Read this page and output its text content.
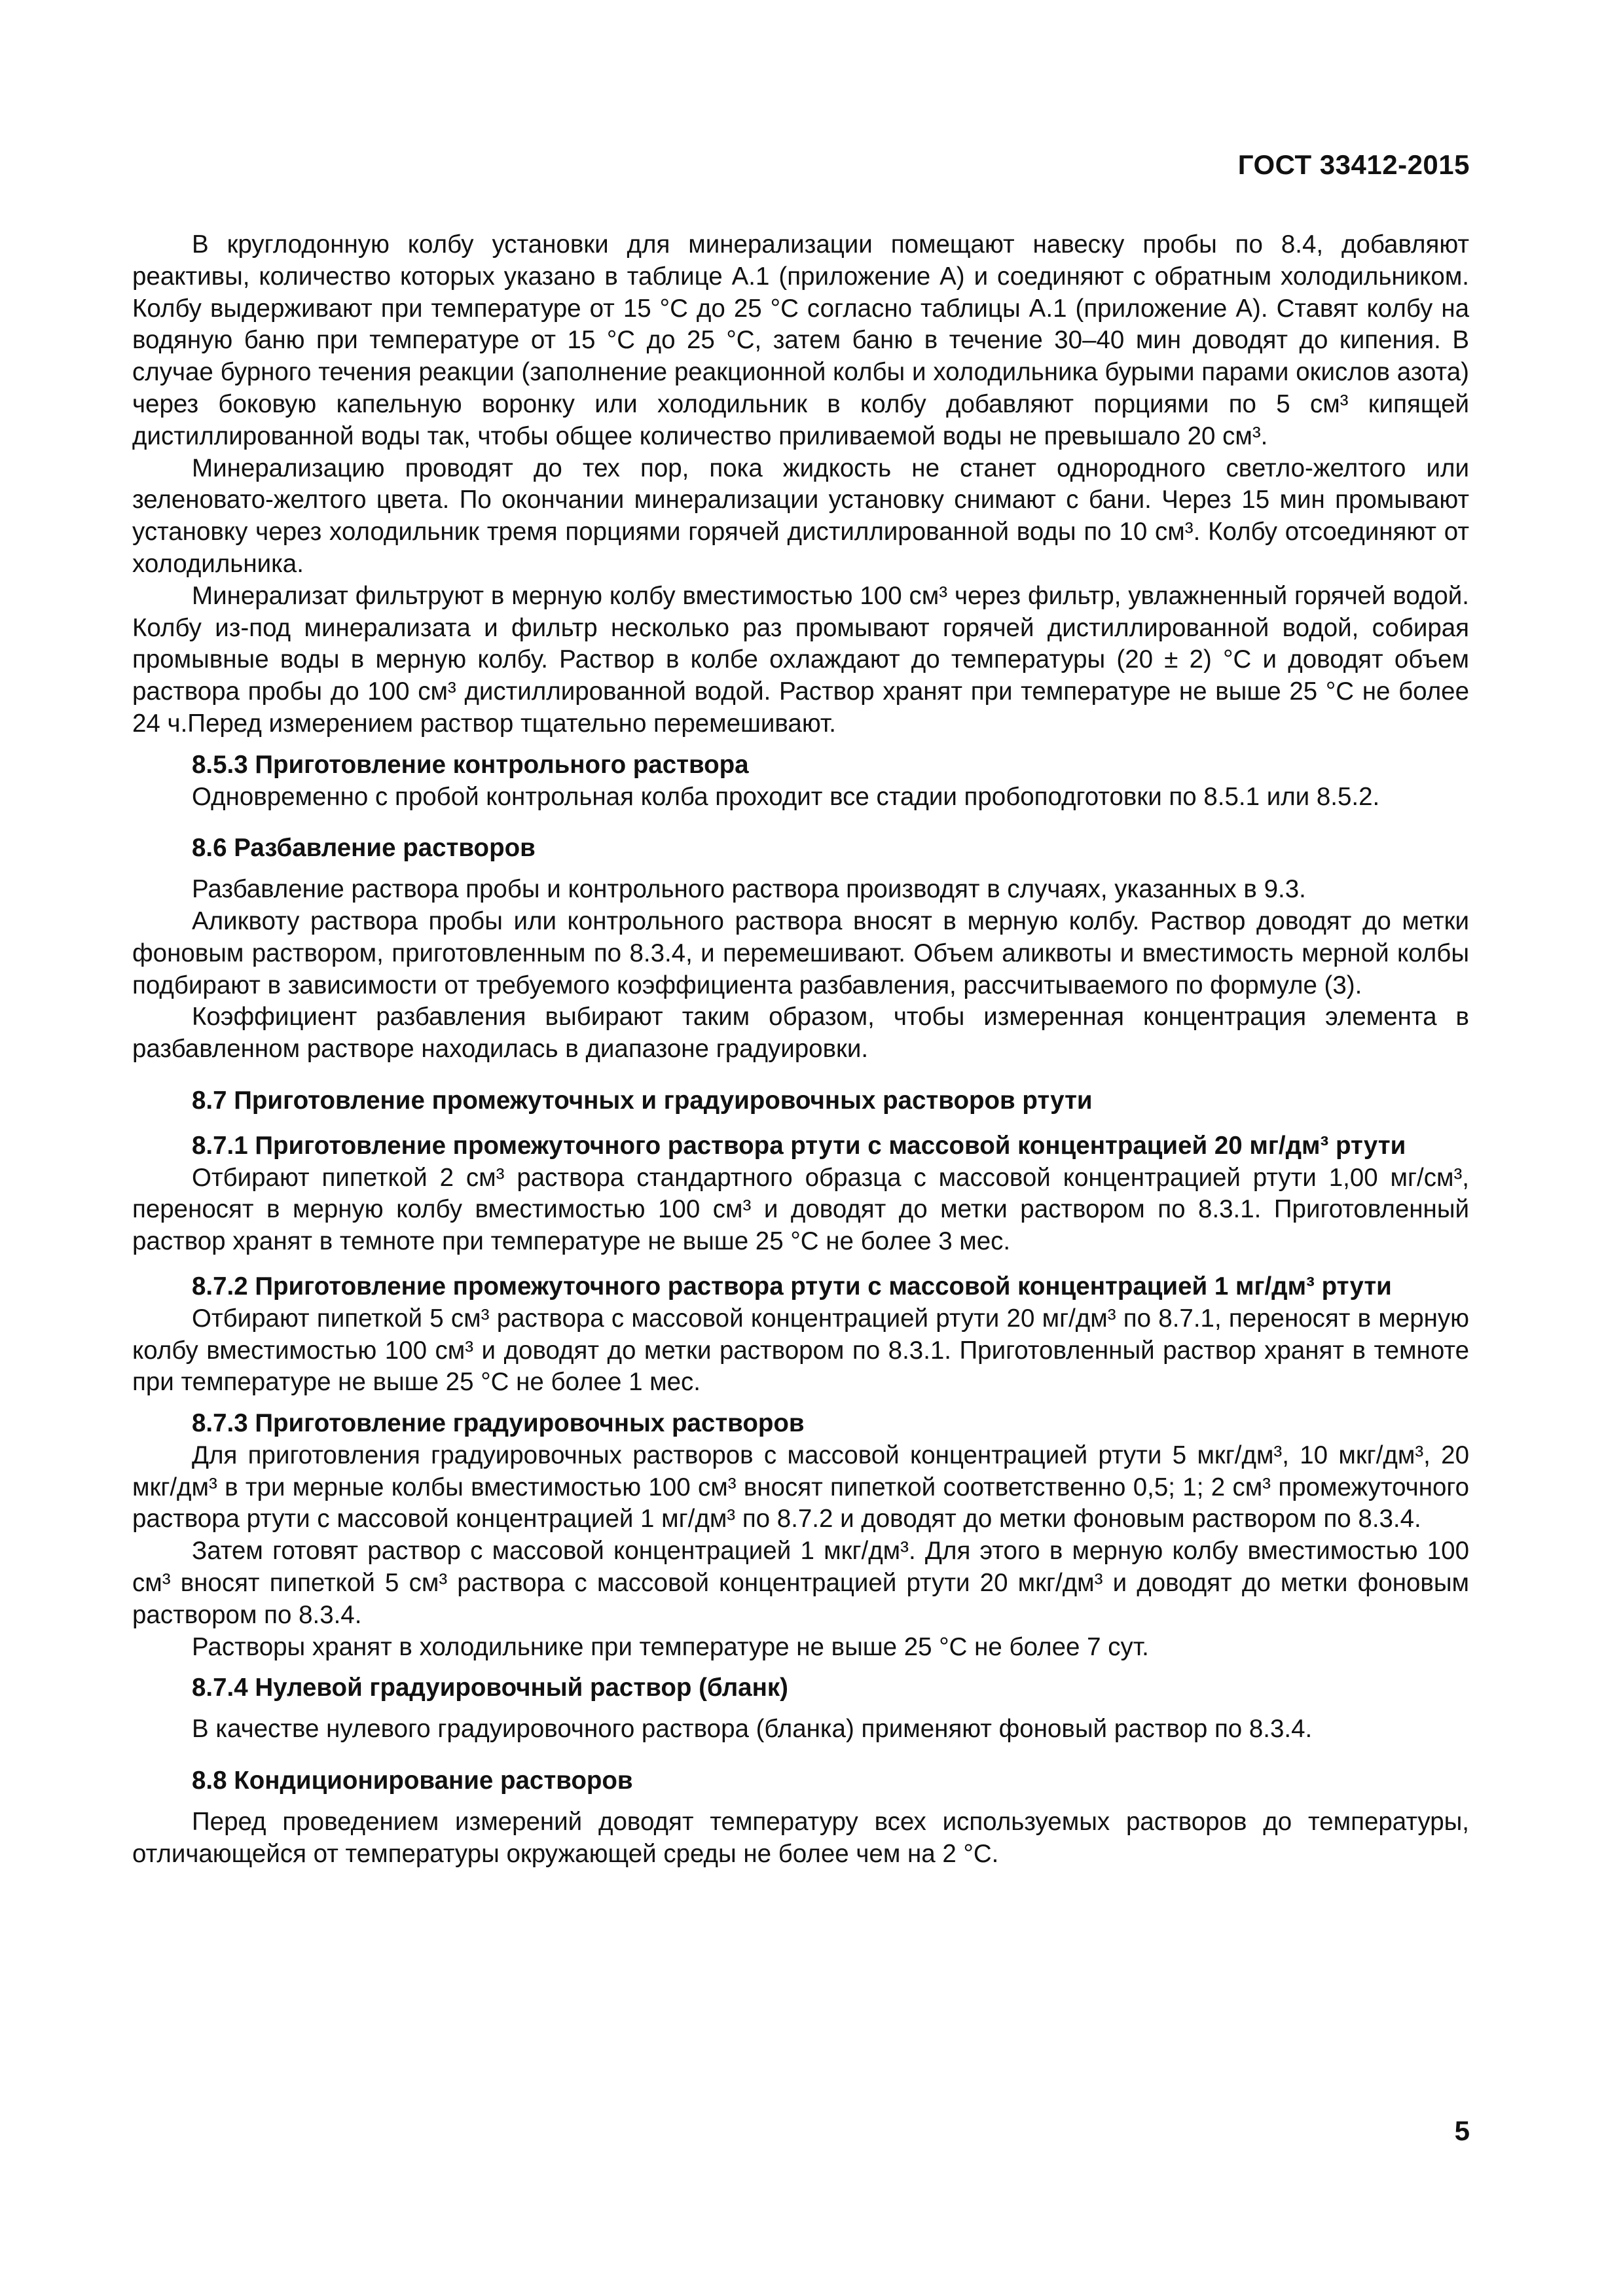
ГОСТ 33412-2015

В круглодонную колбу установки для минерализации помещают навеску пробы по 8.4, добавляют реактивы, количество которых указано в таблице А.1 (приложение А) и соединяют с обратным холодильником. Колбу выдерживают при температуре от 15 °С до 25 °С согласно таблицы А.1 (приложение А). Ставят колбу на водяную баню при температуре от 15 °С до 25 °С, затем баню в течение 30–40 мин доводят до кипения. В случае бурного течения реакции (заполнение реакционной колбы и холодильника бурыми парами окислов азота) через боковую капельную воронку или холодильник в колбу добавляют порциями по 5 см³ кипящей дистиллированной воды так, чтобы общее количество приливаемой воды не превышало 20 см³.

Минерализацию проводят до тех пор, пока жидкость не станет однородного светло-желтого или зеленовато-желтого цвета. По окончании минерализации установку снимают с бани. Через 15 мин промывают установку через холодильник тремя порциями горячей дистиллированной воды по 10 см³. Колбу отсоединяют от холодильника.

Минерализат фильтруют в мерную колбу вместимостью 100 см³ через фильтр, увлажненный горячей водой. Колбу из-под минерализата и фильтр несколько раз промывают горячей дистиллированной водой, собирая промывные воды в мерную колбу. Раствор в колбе охлаждают до температуры (20 ± 2) °С и доводят объем раствора пробы до 100 см³ дистиллированной водой. Раствор хранят при температуре не выше 25 °С не более 24 ч.Перед измерением раствор тщательно перемешивают.

8.5.3 Приготовление контрольного раствора

Одновременно с пробой контрольная колба проходит все стадии пробоподготовки по 8.5.1 или 8.5.2.

8.6 Разбавление растворов

Разбавление раствора пробы и контрольного раствора производят в случаях, указанных в 9.3.

Аликвоту раствора пробы или контрольного раствора вносят в мерную колбу. Раствор доводят до метки фоновым раствором, приготовленным по 8.3.4, и перемешивают. Объем аликвоты и вместимость мерной колбы подбирают в зависимости от требуемого коэффициента разбавления, рассчитываемого по формуле (3).

Коэффициент разбавления выбирают таким образом, чтобы измеренная концентрация элемента в разбавленном растворе находилась в диапазоне градуировки.

8.7 Приготовление промежуточных и градуировочных растворов ртути
8.7.1 Приготовление промежуточного раствора ртути с массовой концентрацией 20 мг/дм³ ртути

Отбирают пипеткой 2 см³ раствора стандартного образца с массовой концентрацией ртути 1,00 мг/см³, переносят в мерную колбу вместимостью 100 см³ и доводят до метки раствором по 8.3.1. Приготовленный раствор хранят в темноте при температуре не выше 25 °С не более 3 мес.

8.7.2 Приготовление промежуточного раствора ртути с массовой концентрацией 1 мг/дм³ ртути

Отбирают пипеткой 5 см³ раствора с массовой концентрацией ртути 20 мг/дм³ по 8.7.1, переносят в мерную колбу вместимостью 100 см³ и доводят до метки раствором по 8.3.1. Приготовленный раствор хранят в темноте при температуре не выше 25 °С не более 1 мес.

8.7.3 Приготовление градуировочных растворов

Для приготовления градуировочных растворов с массовой концентрацией ртути 5 мкг/дм³, 10 мкг/дм³, 20 мкг/дм³ в три мерные колбы вместимостью 100 см³ вносят пипеткой соответственно 0,5; 1; 2 см³ промежуточного раствора ртути с массовой концентрацией 1 мг/дм³ по 8.7.2 и доводят до метки фоновым раствором по 8.3.4.

Затем готовят раствор с массовой концентрацией 1 мкг/дм³. Для этого в мерную колбу вместимостью 100 см³ вносят пипеткой 5 см³ раствора с массовой концентрацией ртути 20 мкг/дм³ и доводят до метки фоновым раствором по 8.3.4.

Растворы хранят в холодильнике при температуре не выше 25 °С не более 7 сут.

8.7.4 Нулевой градуировочный раствор (бланк)

В качестве нулевого градуировочного раствора (бланка) применяют фоновый раствор по 8.3.4.

8.8 Кондиционирование растворов

Перед проведением измерений доводят температуру всех используемых растворов до температуры, отличающейся от температуры окружающей среды не более чем на 2 °С.

5
